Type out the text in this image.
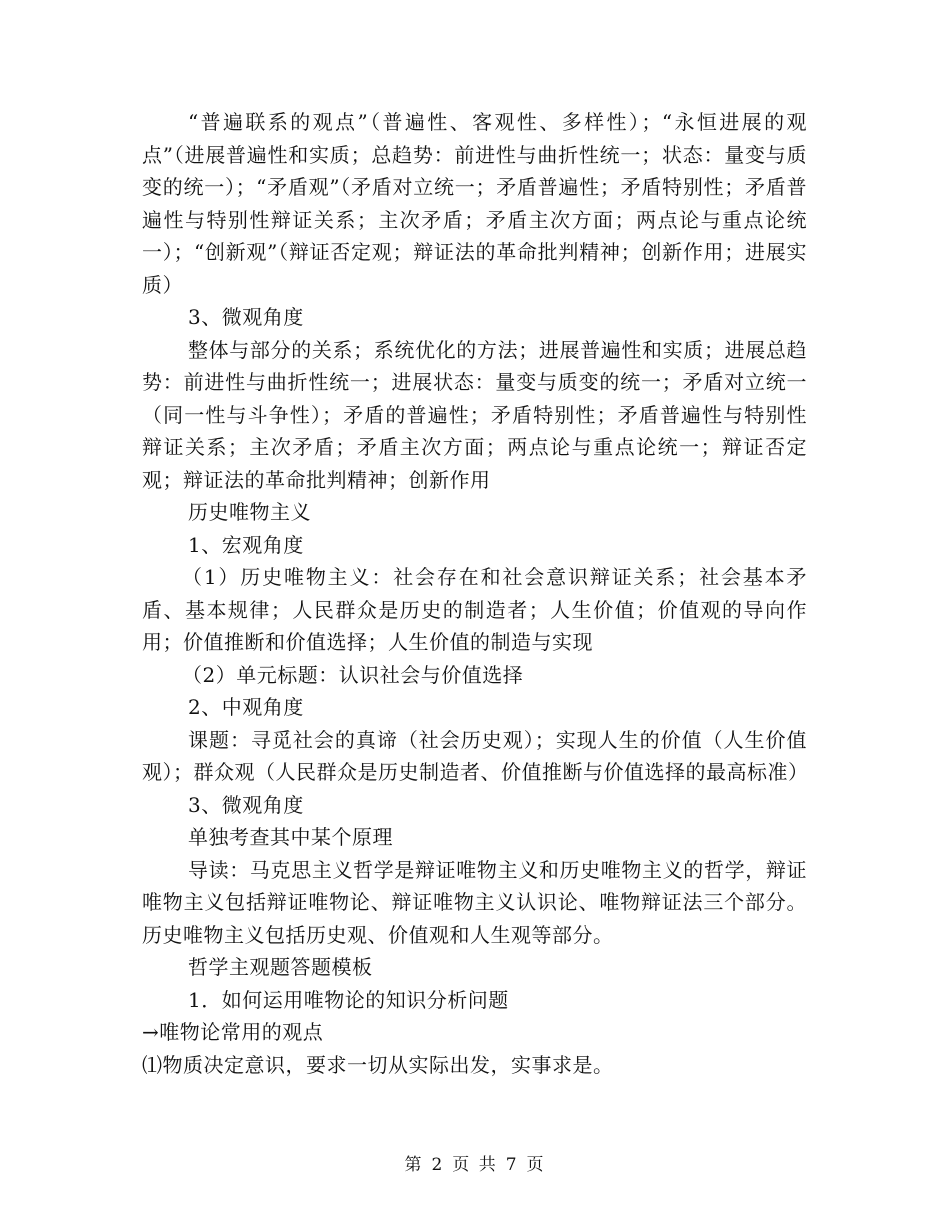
“普遍联系的观点”（普遍性、客观性、多样性）；“永恒进展的观点”（进展普遍性和实质；总趋势：前进性与曲折性统一；状态：量变与质变的统一）；“矛盾观”（矛盾对立统一；矛盾普遍性；矛盾特别性；矛盾普遍性与特别性辩证关系；主次矛盾；矛盾主次方面；两点论与重点论统一）；“创新观”（辩证否定观；辩证法的革命批判精神；创新作用；进展实质）

3、微观角度

整体与部分的关系；系统优化的方法；进展普遍性和实质；进展总趋势：前进性与曲折性统一；进展状态：量变与质变的统一；矛盾对立统一（同一性与斗争性）；矛盾的普遍性；矛盾特别性；矛盾普遍性与特别性辩证关系；主次矛盾；矛盾主次方面；两点论与重点论统一；辩证否定观；辩证法的革命批判精神；创新作用

历史唯物主义

1、宏观角度

（1）历史唯物主义：社会存在和社会意识辩证关系；社会基本矛盾、基本规律；人民群众是历史的制造者；人生价值；价值观的导向作用；价值推断和价值选择；人生价值的制造与实现

（2）单元标题：认识社会与价值选择

2、中观角度

课题：寻觅社会的真谛（社会历史观）；实现人生的价值（人生价值观）；群众观（人民群众是历史制造者、价值推断与价值选择的最高标准）

3、微观角度

单独考查其中某个原理

导读：马克思主义哲学是辩证唯物主义和历史唯物主义的哲学，辩证唯物主义包括辩证唯物论、辩证唯物主义认识论、唯物辩证法三个部分。历史唯物主义包括历史观、价值观和人生观等部分。

哲学主观题答题模板

1．如何运用唯物论的知识分析问题

→唯物论常用的观点

⑴物质决定意识，要求一切从实际出发，实事求是。

第 2 页 共 7 页
